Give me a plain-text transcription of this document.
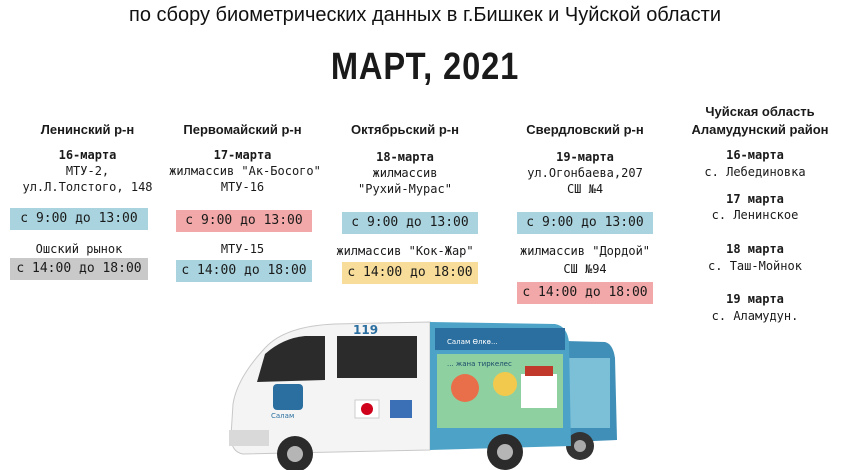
по сбору биометрических данных в г.Бишкек и Чуйской области
МАРТ, 2021
Ленинский р-н
16-марта
МТУ-2,
ул.Л.Толстого, 148
с 9:00 до 13:00
Ошский рынок
с 14:00 до 18:00
Первомайский р-н
17-марта
жилмассив "Ак-Босого"
МТУ-16
с 9:00 до 13:00
МТУ-15
с 14:00 до 18:00
Октябрьский р-н
18-марта
жилмассив
"Рухий-Мурас"
с 9:00 до 13:00
жилмассив "Кок-Жар"
с 14:00 до 18:00
Свердловский р-н
19-марта
ул.Огонбаева,207
СШ №4
с 9:00 до 13:00
жилмассив "Дордой"
СШ №94
с 14:00 до 18:00
Чуйская область
Аламудунский район
16-марта
с. Лебединовка
17 марта
с. Ленинское
18 марта
с. Таш-Мойнок
19 марта
с. Аламудун.
119
Салам
Салам Өлкө...
... жана тиркелес
